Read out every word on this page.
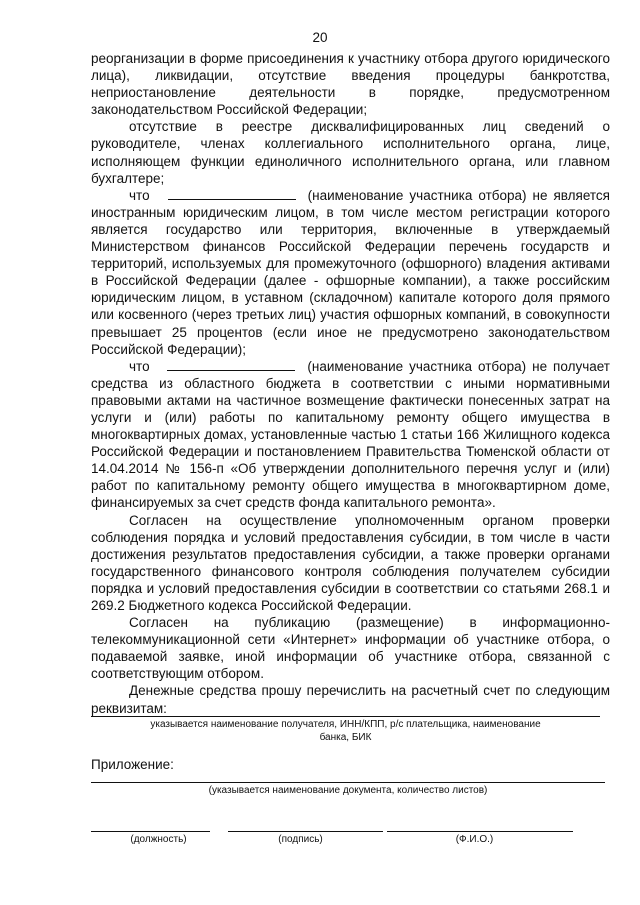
20

реорганизации в форме присоединения к участнику отбора другого юридического лица), ликвидации, отсутствие введения процедуры банкротства, неприостановление деятельности в порядке, предусмотренном законодательством Российской Федерации;

отсутствие в реестре дисквалифицированных лиц сведений о руководителе, членах коллегиального исполнительного органа, лице, исполняющем функции единоличного исполнительного органа, или главном бухгалтере;

что	(наименование участника отбора) не является иностранным юридическим лицом, в том числе местом регистрации которого является государство или территория, включенные в утверждаемый Министерством финансов Российской Федерации перечень государств и территорий, используемых для промежуточного (офшорного) владения активами в Российской Федерации (далее - офшорные компании), а также российским юридическим лицом, в уставном (складочном) капитале которого доля прямого или косвенного (через третьих лиц) участия офшорных компаний, в совокупности превышает 25 процентов (если иное не предусмотрено законодательством Российской Федерации);

что	(наименование участника отбора) не получает средства из областного бюджета в соответствии с иными нормативными правовыми актами на частичное возмещение фактически понесенных затрат на услуги и (или) работы по капитальному ремонту общего имущества в многоквартирных домах, установленные частью 1 статьи 166 Жилищного кодекса Российской Федерации и постановлением Правительства Тюменской области от 14.04.2014 № 156-п «Об утверждении дополнительного перечня услуг и (или) работ по капитальному ремонту общего имущества в многоквартирном доме, финансируемых за счет средств фонда капитального ремонта».

Согласен на осуществление уполномоченным органом проверки соблюдения порядка и условий предоставления субсидии, в том числе в части достижения результатов предоставления субсидии, а также проверки органами государственного финансового контроля соблюдения получателем субсидии порядка и условий предоставления субсидии в соответствии со статьями 268.1 и 269.2 Бюджетного кодекса Российской Федерации.

Согласен на публикацию (размещение) в информационно-телекоммуникационной сети «Интернет» информации об участнике отбора, о подаваемой заявке, иной информации об участнике отбора, связанной с соответствующим отбором.

Денежные средства прошу перечислить на расчетный счет по следующим реквизитам:

указывается наименование получателя, ИНН/КПП, р/с плательщика, наименование
банка, БИК
Приложение:
(указывается наименование документа, количество листов)
(должность)	(подпись)	(Ф.И.О.)
